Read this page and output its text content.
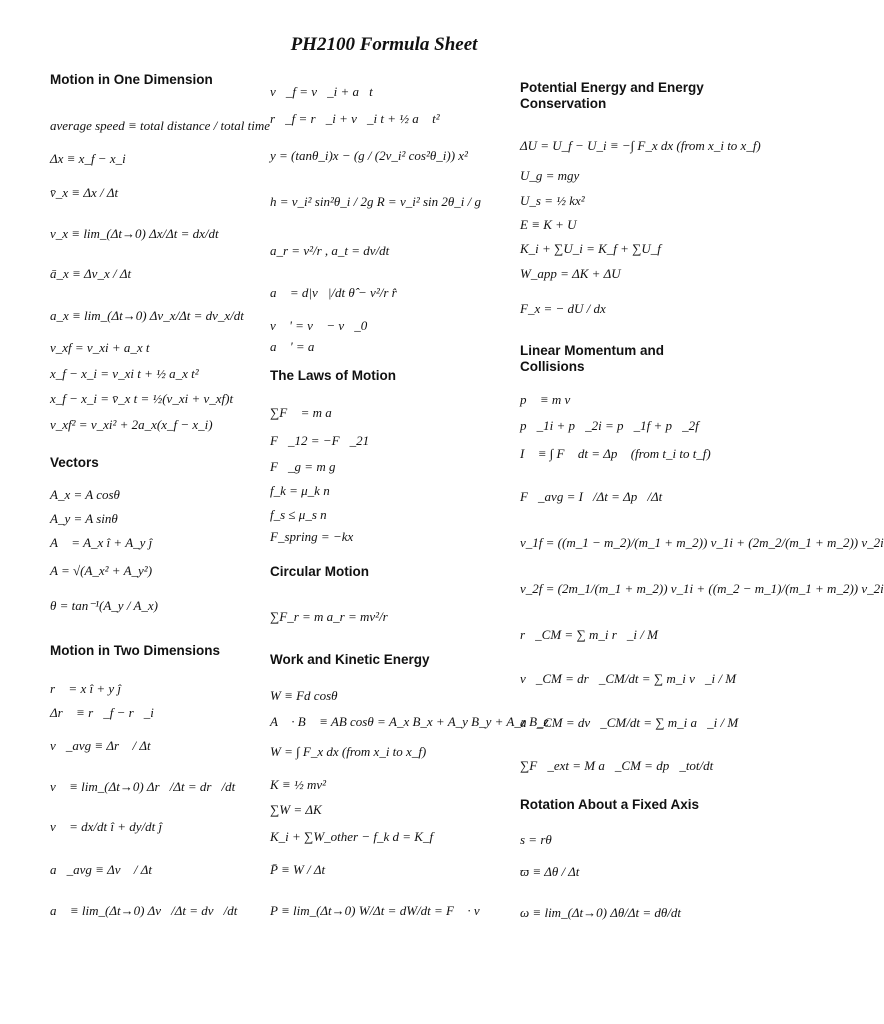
PH2100 Formula Sheet
Motion in One Dimension
average speed ≡ total distance / total time
Δx ≡ x_f − x_i
v̄_x ≡ Δx / Δt
v_x ≡ lim_(Δt→0) Δx/Δt = dx/dt
ā_x ≡ Δv_x / Δt
a_x ≡ lim_(Δt→0) Δv_x/Δt = dv_x/dt
v_xf = v_xi + a_x t
x_f − x_i = v_xi t + ½ a_x t²
x_f − x_i = v̄_x t = ½(v_xi + v_xf)t
v_xf² = v_xi² + 2a_x(x_f − x_i)
Vectors
A_x = A cosθ
A_y = A sinθ
A⃗ = A_x î + A_y ĵ
A = √(A_x² + A_y²)
θ = tan⁻¹(A_y / A_x)
Motion in Two Dimensions
r⃗ = x î + y ĵ
Δr⃗ ≡ r⃗_f − r⃗_i
v⃗_avg ≡ Δr⃗ / Δt
v⃗ ≡ lim_(Δt→0) Δr⃗/Δt = dr⃗/dt
v⃗ = dx/dt î + dy/dt ĵ
a⃗_avg ≡ Δv⃗ / Δt
a⃗ ≡ lim_(Δt→0) Δv⃗/Δt = dv⃗/dt
v⃗_f = v⃗_i + a⃗t
r⃗_f = r⃗_i + v⃗_i t + ½ a⃗ t²
y = (tanθ_i)x − (g / (2v_i² cos²θ_i)) x²
h = v_i² sin²θ_i / 2g R = v_i² sin 2θ_i / g
a_r = v²/r , a_t = dv/dt
a⃗ = d|v⃗|/dt θ̂ − v²/r r̂
v⃗ ' = v⃗ − v⃗_0
a⃗ ' = a⃗
The Laws of Motion
∑F⃗ = m a⃗
F⃗_12 = −F⃗_21
F⃗_g = m g⃗
f_k = μ_k n
f_s ≤ μ_s n
F_spring = −kx
Circular Motion
∑F_r = m a_r = mv²/r
Work and Kinetic Energy
W ≡ Fd cosθ
A⃗ · B⃗ ≡ AB cosθ = A_x B_x + A_y B_y + A_z B_z
W = ∫ F_x dx (from x_i to x_f)
K ≡ ½ mv²
∑W = ΔK
K_i + ∑W_other − f_k d = K_f
P̄ ≡ W / Δt
P ≡ lim_(Δt→0) W/Δt = dW/dt = F⃗ · v⃗
Potential Energy and Energy Conservation
ΔU = U_f − U_i ≡ −∫ F_x dx (from x_i to x_f)
U_g = mgy
U_s = ½ kx²
E ≡ K + U
K_i + ∑U_i = K_f + ∑U_f
W_app = ΔK + ΔU
F_x = − dU / dx
Linear Momentum and Collisions
p⃗ ≡ m v⃗
p⃗_1i + p⃗_2i = p⃗_1f + p⃗_2f
I⃗ ≡ ∫ F⃗ dt = Δp⃗ (from t_i to t_f)
F⃗_avg = I⃗/Δt = Δp⃗/Δt
v_1f = ((m_1 − m_2)/(m_1 + m_2)) v_1i + (2m_2/(m_1 + m_2)) v_2i
v_2f = (2m_1/(m_1 + m_2)) v_1i + ((m_2 − m_1)/(m_1 + m_2)) v_2i
r⃗_CM = ∑ m_i r⃗_i / M
v⃗_CM = dr⃗_CM/dt = ∑ m_i v⃗_i / M
a⃗_CM = dv⃗_CM/dt = ∑ m_i a⃗_i / M
∑F⃗_ext = M a⃗_CM = dp⃗_tot/dt
Rotation About a Fixed Axis
s = rθ
ϖ ≡ Δθ / Δt
ω ≡ lim_(Δt→0) Δθ/Δt = dθ/dt
